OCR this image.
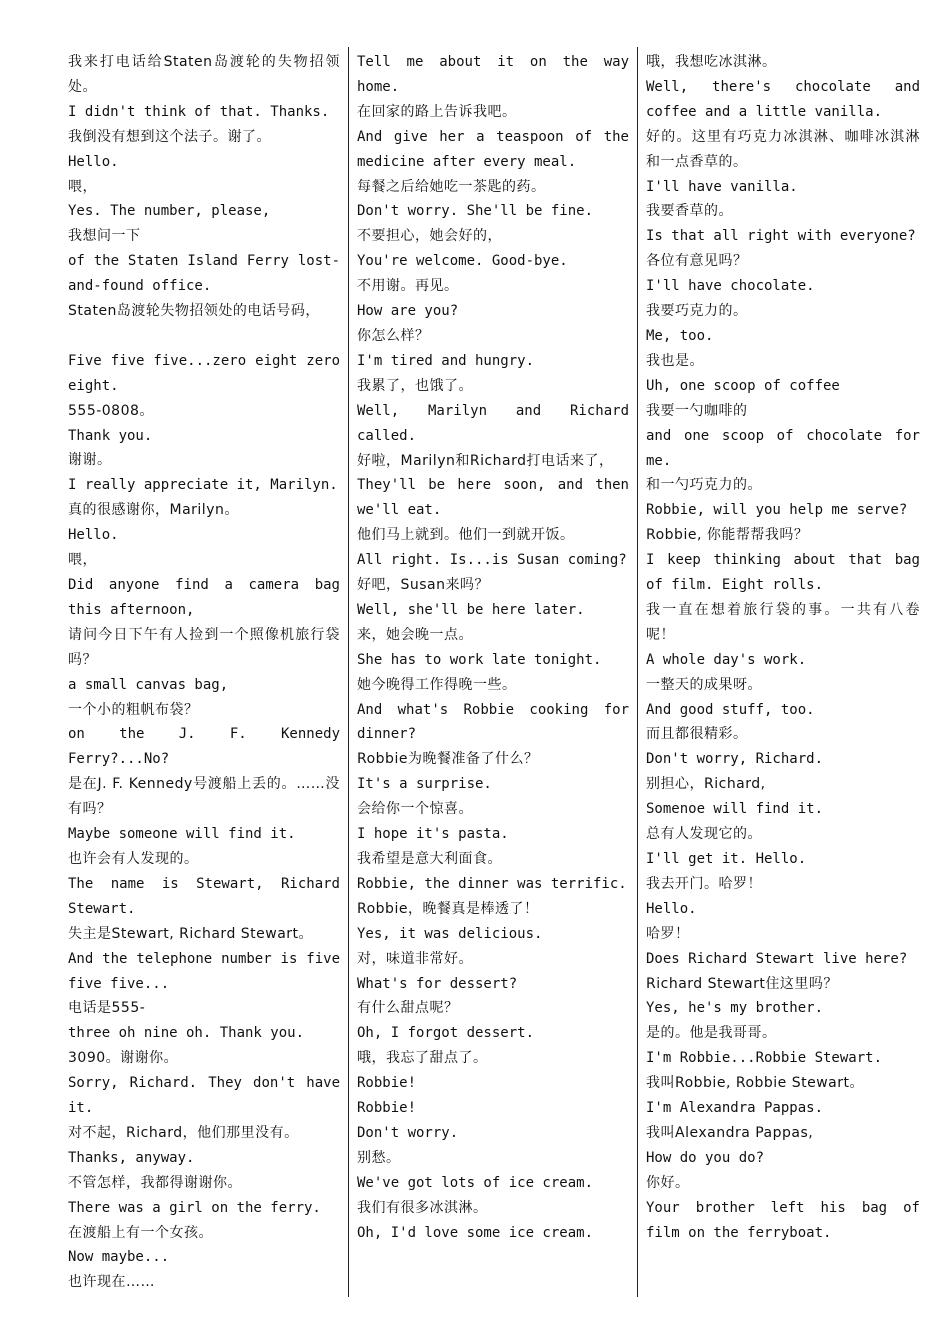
我来打电话给Staten岛渡轮的失物招领处。

I didn't think of that. Thanks.

我倒没有想到这个法子。谢了。

Hello.

喂，

Yes. The number, please,

我想问一下

of the Staten Island Ferry lost-and-found office.

Staten岛渡轮失物招领处的电话号码，

Five five five...zero eight zero eight.

555-0808。

Thank you.

谢谢。

I really appreciate it, Marilyn.

真的很感谢你，Marilyn。

Hello.

喂，

Did anyone find a camera bag this afternoon,

请问今日下午有人捡到一个照像机旅行袋吗？

a small canvas bag,

一个小的粗帆布袋？

on the J. F. Kennedy Ferry?...No?

是在J. F. Kennedy号渡船上丢的。……没有吗？

Maybe someone will find it.

也许会有人发现的。

The name is Stewart, Richard Stewart.

失主是Stewart, Richard Stewart。

And the telephone number is five five five...

电话是555-

three oh nine oh. Thank you.

3090。谢谢你。

Sorry, Richard. They don't have it.

对不起，Richard，他们那里没有。

Thanks, anyway.

不管怎样，我都得谢谢你。

There was a girl on the ferry.

在渡船上有一个女孩。

Now maybe...

也许现在……

Tell me about it on the way home.

在回家的路上告诉我吧。

And give her a teaspoon of the medicine after every meal.

每餐之后给她吃一茶匙的药。

Don't worry. She'll be fine.

不要担心，她会好的，

You're welcome. Good-bye.

不用谢。再见。

How are you?

你怎么样？

I'm tired and hungry.

我累了，也饿了。

Well, Marilyn and Richard called.

好啦，Marilyn和Richard打电话来了，

They'll be here soon, and then we'll eat.

他们马上就到。他们一到就开饭。

All right. Is...is Susan coming?

好吧，Susan来吗？

Well, she'll be here later.

来，她会晚一点。

She has to work late tonight.

她今晚得工作得晚一些。

And what's Robbie cooking for dinner?

Robbie为晚餐准备了什么？

It's a surprise.

会给你一个惊喜。

I hope it's pasta.

我希望是意大利面食。

Robbie, the dinner was terrific.

Robbie，晚餐真是棒透了！

Yes, it was delicious.

对，味道非常好。

What's for dessert?

有什么甜点呢？

Oh, I forgot dessert.

哦，我忘了甜点了。

Robbie!

Robbie!

Don't worry.

别愁。

We've got lots of ice cream.

我们有很多冰淇淋。

Oh, I'd love some ice cream.

哦，我想吃冰淇淋。

Well, there's chocolate and coffee and a little vanilla.

好的。这里有巧克力冰淇淋、咖啡冰淇淋和一点香草的。

I'll have vanilla.

我要香草的。

Is that all right with everyone?

各位有意见吗？

I'll have chocolate.

我要巧克力的。

Me, too.

我也是。

Uh, one scoop of coffee

我要一勺咖啡的

and one scoop of chocolate for me.

和一勺巧克力的。

Robbie, will you help me serve?

Robbie, 你能帮帮我吗？

I keep thinking about that bag of film. Eight rolls.

我一直在想着旅行袋的事。一共有八卷呢！

A whole day's work.

一整天的成果呀。

And good stuff, too.

而且都很精彩。

Don't worry, Richard.

别担心，Richard,

Somenoe will find it.

总有人发现它的。

I'll get it. Hello.

我去开门。哈罗！

Hello.

哈罗！

Does Richard Stewart live here?

Richard Stewart住这里吗？

Yes, he's my brother.

是的。他是我哥哥。

I'm Robbie...Robbie Stewart.

我叫Robbie, Robbie Stewart。

I'm Alexandra Pappas.

我叫Alexandra Pappas,

How do you do?

你好。

Your brother left his bag of film on the ferryboat.
